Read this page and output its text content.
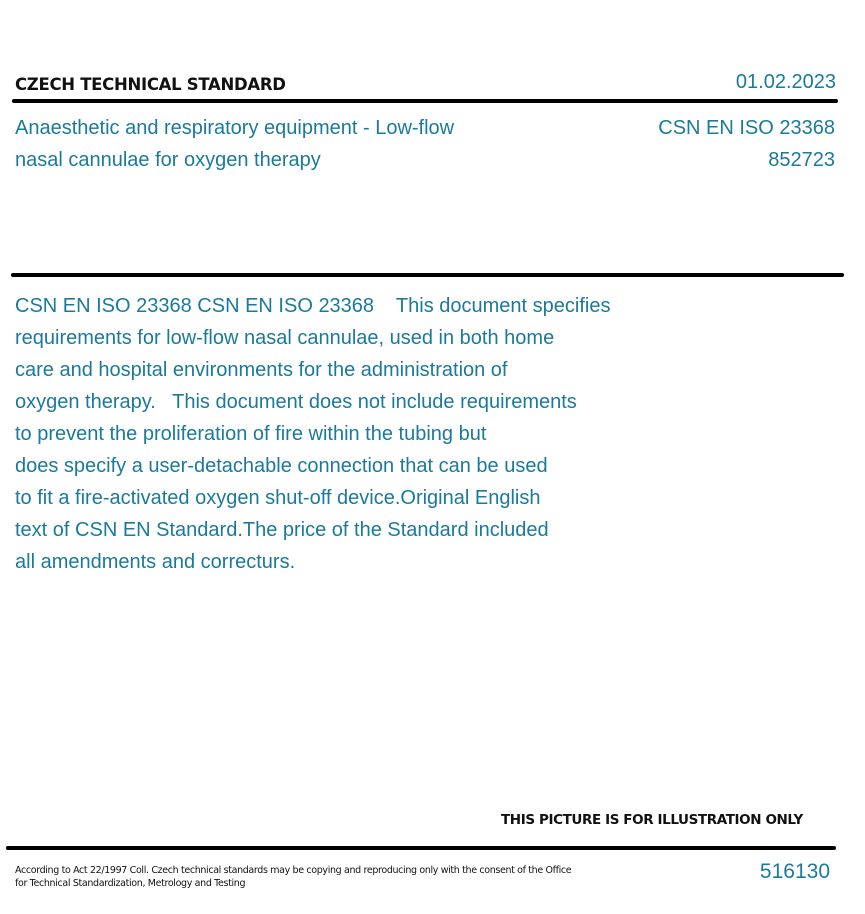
CZECH TECHNICAL STANDARD	01.02.2023
Anaesthetic and respiratory equipment - Low-flow
nasal cannulae for oxygen therapy
CSN EN ISO 23368
852723
CSN EN ISO 23368 CSN EN ISO 23368    This document specifies
requirements for low-flow nasal cannulae, used in both home
care and hospital environments for the administration of
oxygen therapy.   This document does not include requirements
to prevent the proliferation of fire within the tubing but
does specify a user-detachable connection that can be used
to fit a fire-activated oxygen shut-off device.Original English
text of CSN EN Standard.The price of the Standard included
all amendments and correcturs.
THIS PICTURE IS FOR ILLUSTRATION ONLY
According to Act 22/1997 Coll. Czech technical standards may be copying and reproducing only with the consent of the Office
for Technical Standardization, Metrology and Testing
516130
